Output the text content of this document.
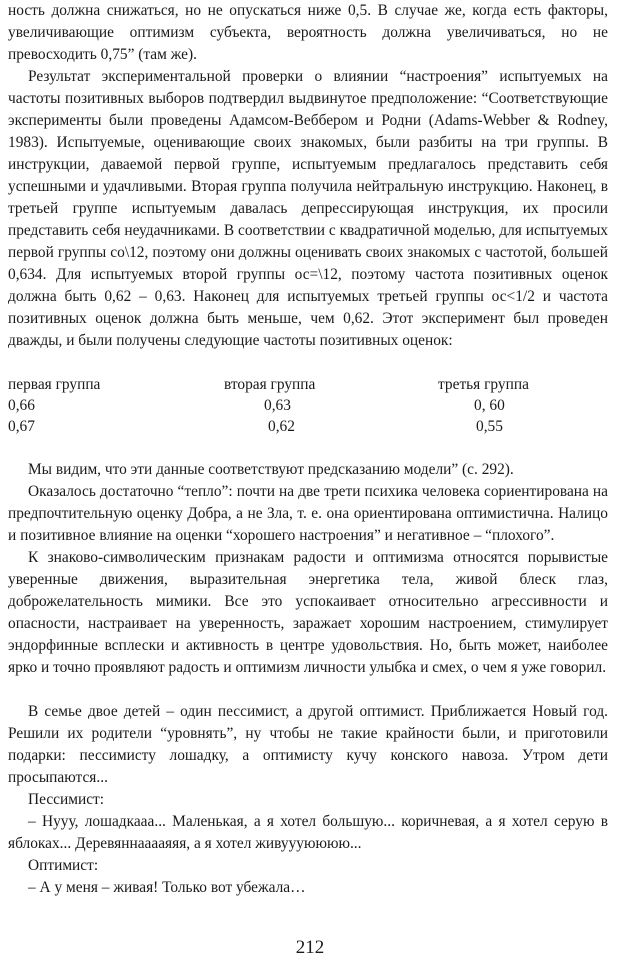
ность должна снижаться, но не опускаться ниже 0,5. В случае же, когда есть факторы, увеличивающие оптимизм субъекта, вероятность должна увеличиваться, но не превосходить 0,75” (там же).

Результат экспериментальной проверки о влиянии “настроения” испытуемых на частоты позитивных выборов подтвердил выдвинутое предположение: “Соответствующие эксперименты были проведены Адамсом-Веббером и Родни (Adams-Webber & Rodney, 1983). Испытуемые, оценивающие своих знакомых, были разбиты на три группы. В инструкции, даваемой первой группе, испытуемым предлагалось представить себя успешными и удачливыми. Вторая группа получила нейтральную инструкцию. Наконец, в третьей группе испытуемым давалась депрессирующая инструкция, их просили представить себя неудачниками. В соответствии с квадратичной моделью, для испытуемых первой группы со\12, поэтому они должны оценивать своих знакомых с частотой, большей 0,634. Для испытуемых второй группы ос=\12, поэтому частота позитивных оценок должна быть 0,62 – 0,63. Наконец для испытуемых третьей группы ос<1/2 и частота позитивных оценок должна быть меньше, чем 0,62. Этот эксперимент был проведен дважды, и были получены следующие частоты позитивных оценок:

первая группа	вторая группа	третья группа
0,66	0,63	0, 60
0,67	0,62	0,55

Мы видим, что эти данные соответствуют предсказанию модели” (с. 292).

Оказалось достаточно “тепло”: почти на две трети психика человека сориентирована на предпочтительную оценку Добра, а не Зла, т. е. она ориентирована оптимистична. Налицо и позитивное влияние на оценки “хорошего настроения” и негативное – “плохого”.

К знаково-символическим признакам радости и оптимизма относятся порывистые уверенные движения, выразительная энергетика тела, живой блеск глаз, доброжелательность мимики. Все это успокаивает относительно агрессивности и опасности, настраивает на уверенность, заражает хорошим настроением, стимулирует эндорфинные всплески и активность в центре удовольствия. Но, быть может, наиболее ярко и точно проявляют радость и оптимизм личности улыбка и смех, о чем я уже говорил.

В семье двое детей – один пессимист, а другой оптимист. Приближается Новый год. Решили их родители “уровнять”, ну чтобы не такие крайности были, и приготовили подарки: пессимисту лошадку, а оптимисту кучу конского навоза. Утром дети просыпаются...

Пессимист:

– Нууу, лошадкааа... Маленькая, а я хотел большую... коричневая, а я хотел серую в яблоках... Деревяннааааяяя, а я хотел живуууюююю...

Оптимист:

– А у меня – живая! Только вот убежала…

212
